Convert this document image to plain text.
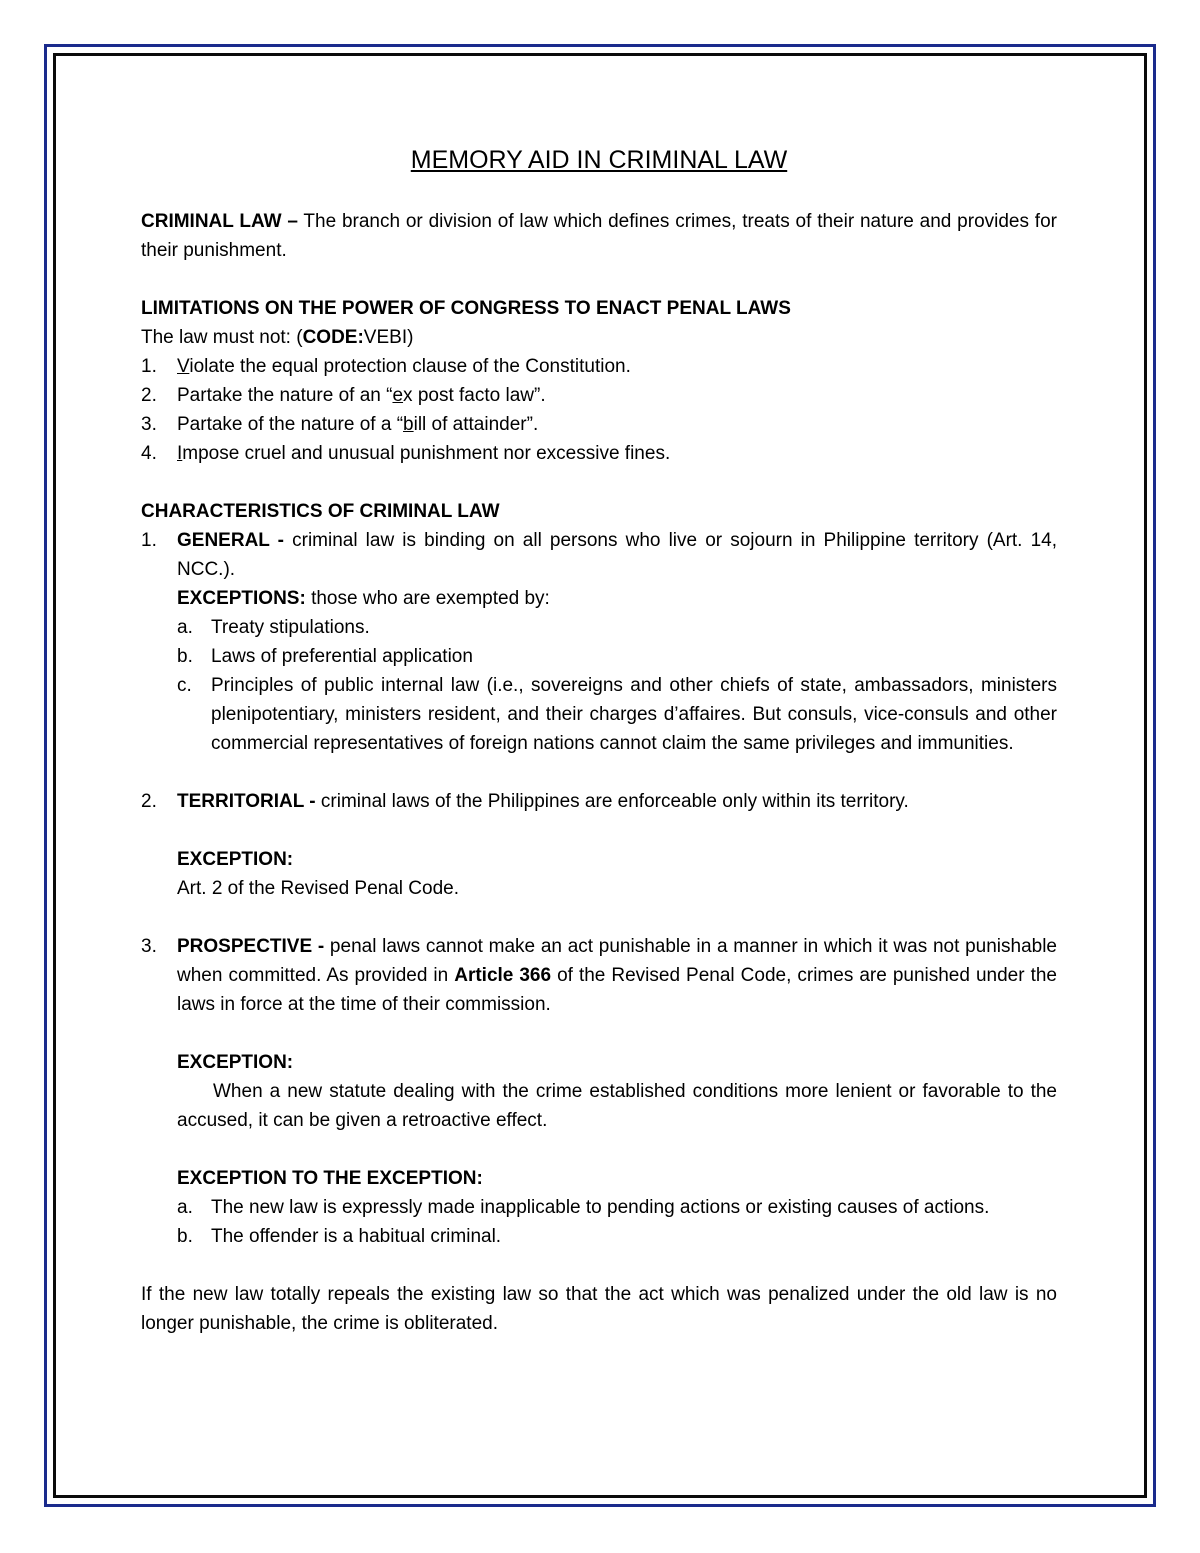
MEMORY AID IN CRIMINAL LAW

CRIMINAL LAW – The branch or division of law which defines crimes, treats of their nature and provides for their punishment.

LIMITATIONS ON THE POWER OF CONGRESS TO ENACT PENAL LAWS

The law must not: (CODE:VEBI)

1. Violate the equal protection clause of the Constitution.

2. Partake the nature of an “ex post facto law”.

3. Partake of the nature of a “bill of attainder”.

4. Impose cruel and unusual punishment nor excessive fines.

CHARACTERISTICS OF CRIMINAL LAW

1. GENERAL - criminal law is binding on all persons who live or sojourn in Philippine territory (Art. 14, NCC.).

EXCEPTIONS: those who are exempted by:

a. Treaty stipulations.

b. Laws of preferential application

c. Principles of public internal law (i.e., sovereigns and other chiefs of state, ambassadors, ministers plenipotentiary, ministers resident, and their charges d’affaires. But consuls, vice-consuls and other commercial representatives of foreign nations cannot claim the same privileges and immunities.

2. TERRITORIAL - criminal laws of the Philippines are enforceable only within its territory.

EXCEPTION:

Art. 2 of the Revised Penal Code.

3. PROSPECTIVE - penal laws cannot make an act punishable in a manner in which it was not punishable when committed. As provided in Article 366 of the Revised Penal Code, crimes are punished under the laws in force at the time of their commission.

EXCEPTION:

When a new statute dealing with the crime established conditions more lenient or favorable to the accused, it can be given a retroactive effect.

EXCEPTION TO THE EXCEPTION:

a. The new law is expressly made inapplicable to pending actions or existing causes of actions.

b. The offender is a habitual criminal.

If the new law totally repeals the existing law so that the act which was penalized under the old law is no longer punishable, the crime is obliterated.
